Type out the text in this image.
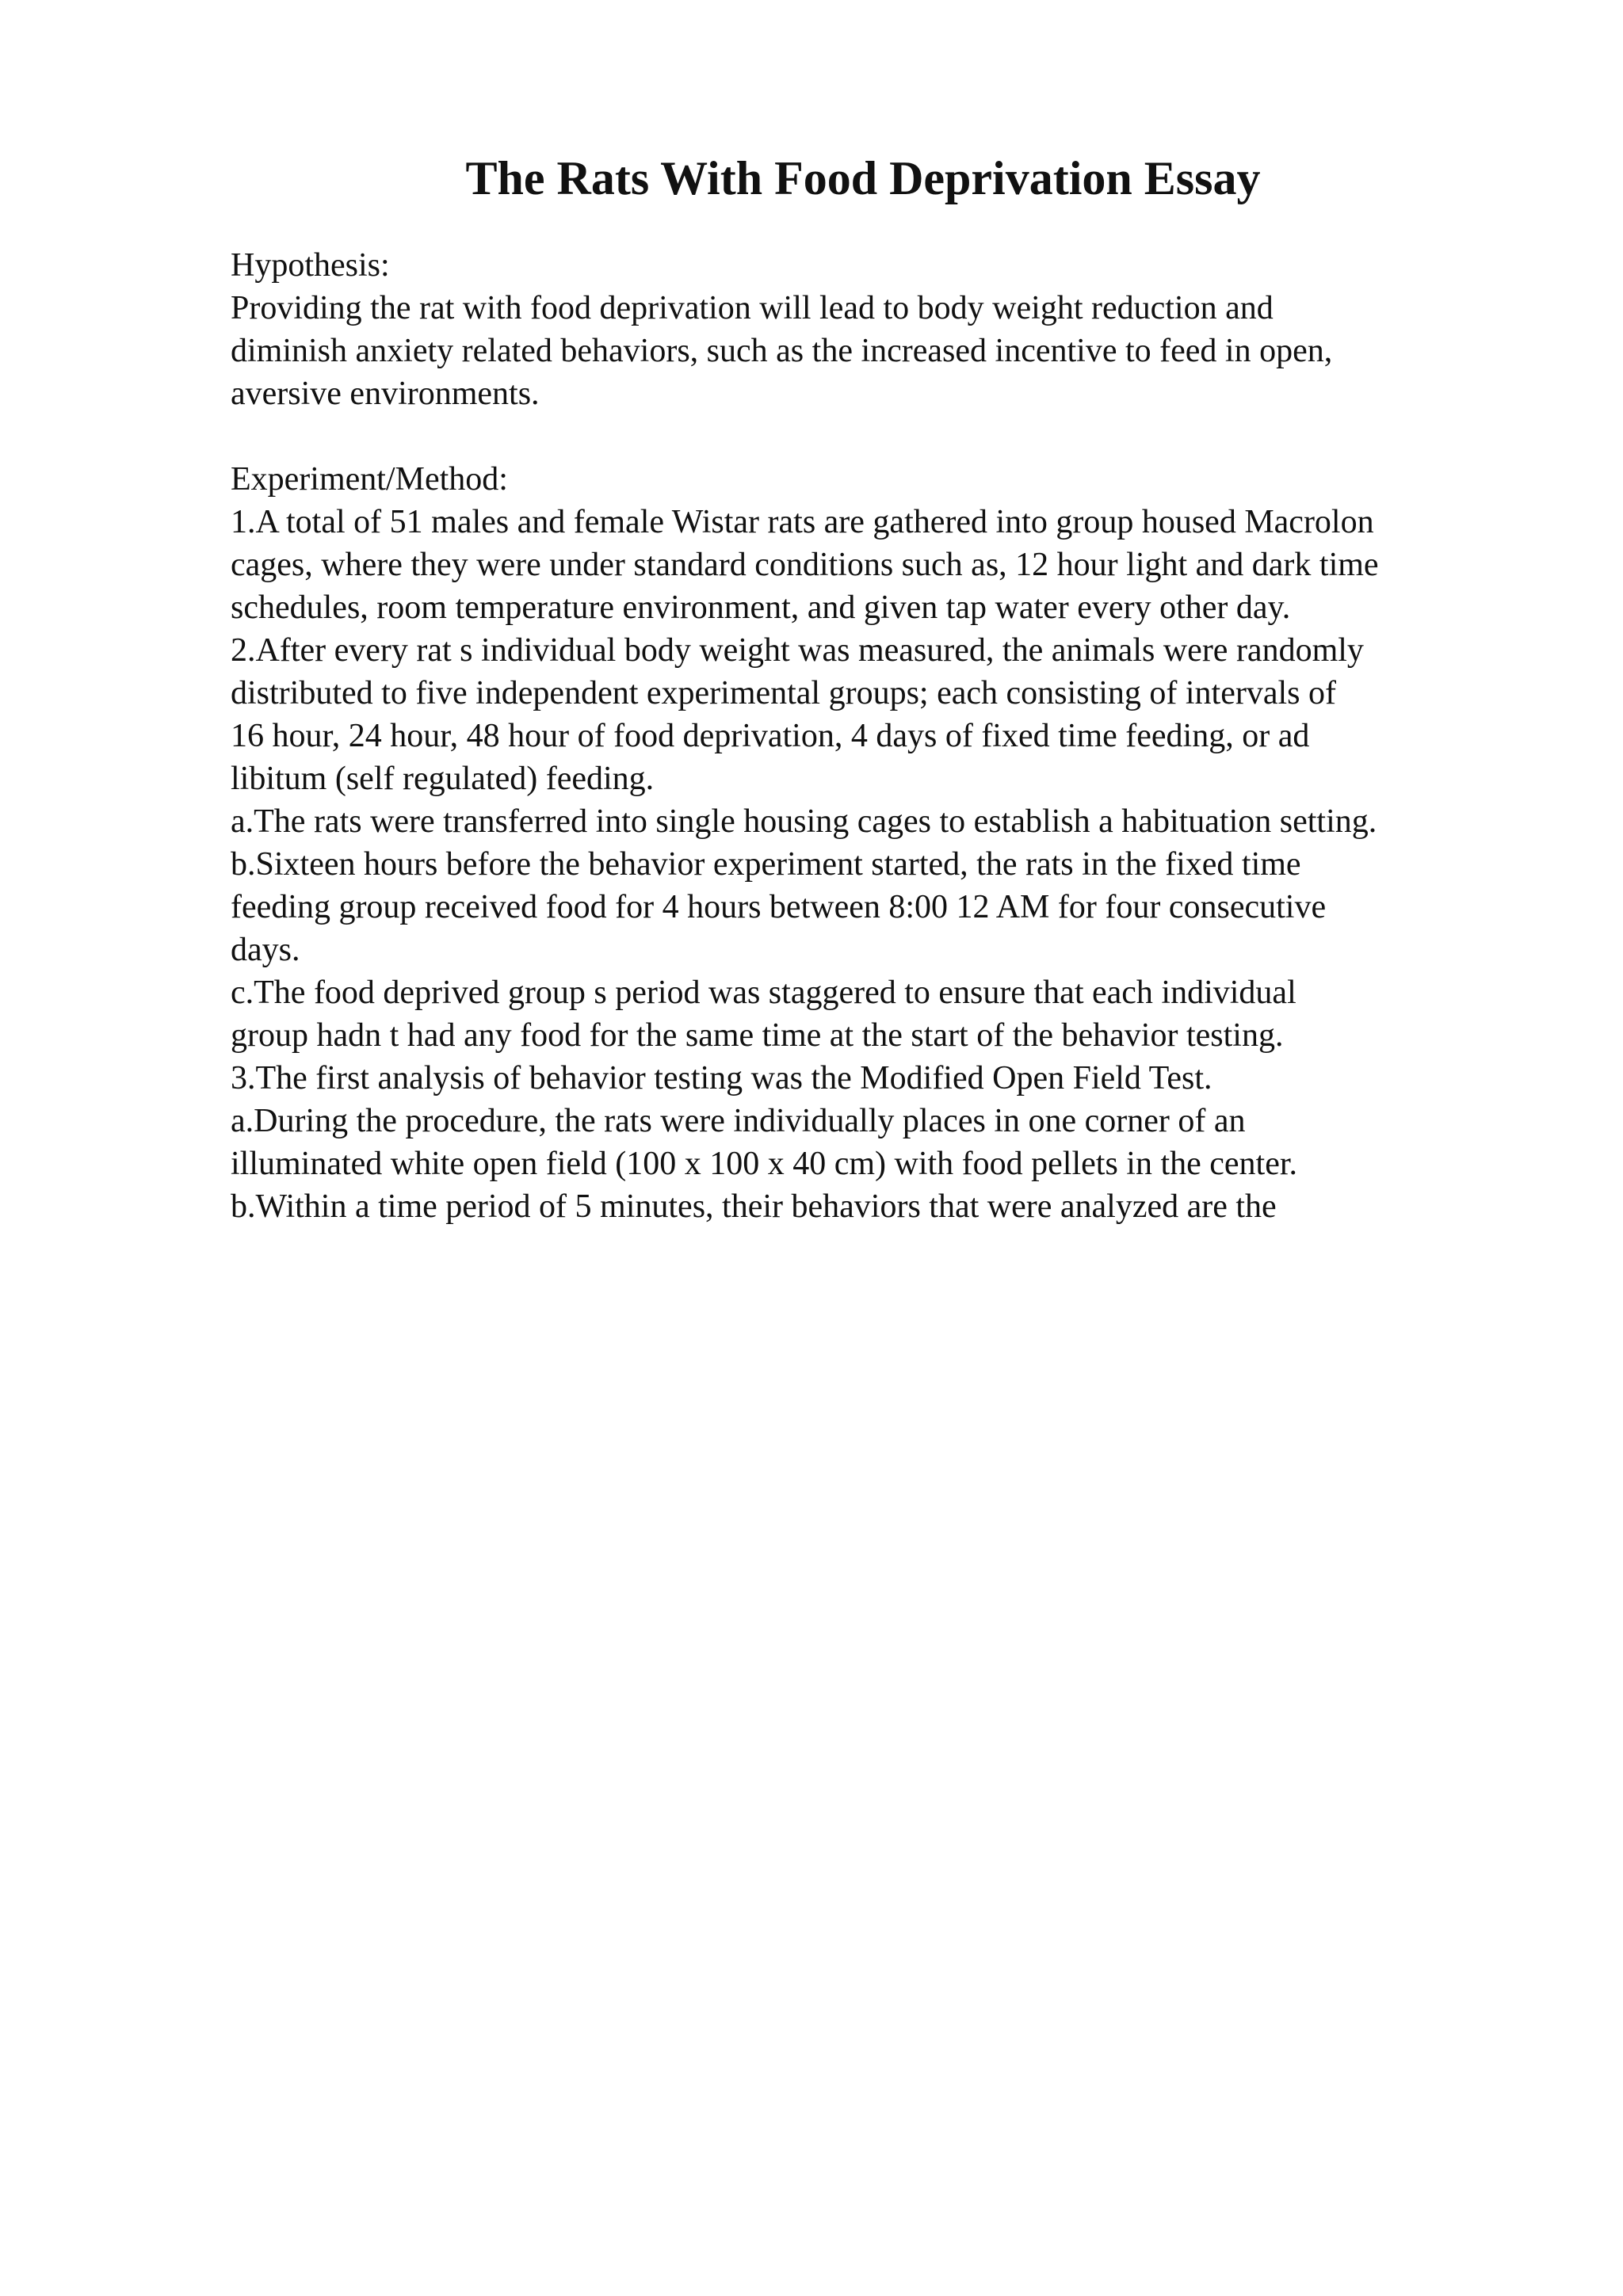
The Rats With Food Deprivation Essay

Hypothesis:

Providing the rat with food deprivation will lead to body weight reduction and

diminish anxiety related behaviors, such as the increased incentive to feed in open,

aversive environments.

Experiment/Method:

1.A total of 51 males and female Wistar rats are gathered into group housed Macrolon

cages, where they were under standard conditions such as, 12 hour light and dark time

schedules, room temperature environment, and given tap water every other day.

2.After every rat s individual body weight was measured, the animals were randomly

distributed to five independent experimental groups; each consisting of intervals of

16 hour, 24 hour, 48 hour of food deprivation, 4 days of fixed time feeding, or ad

libitum (self regulated) feeding.

a.The rats were transferred into single housing cages to establish a habituation setting.

b.Sixteen hours before the behavior experiment started, the rats in the fixed time

feeding group received food for 4 hours between 8:00 12 AM for four consecutive

days.

c.The food deprived group s period was staggered to ensure that each individual

group hadn t had any food for the same time at the start of the behavior testing.

3.The first analysis of behavior testing was the Modified Open Field Test.

a.During the procedure, the rats were individually places in one corner of an

illuminated white open field (100 x 100 x 40 cm) with food pellets in the center.

b.Within a time period of 5 minutes, their behaviors that were analyzed are the
